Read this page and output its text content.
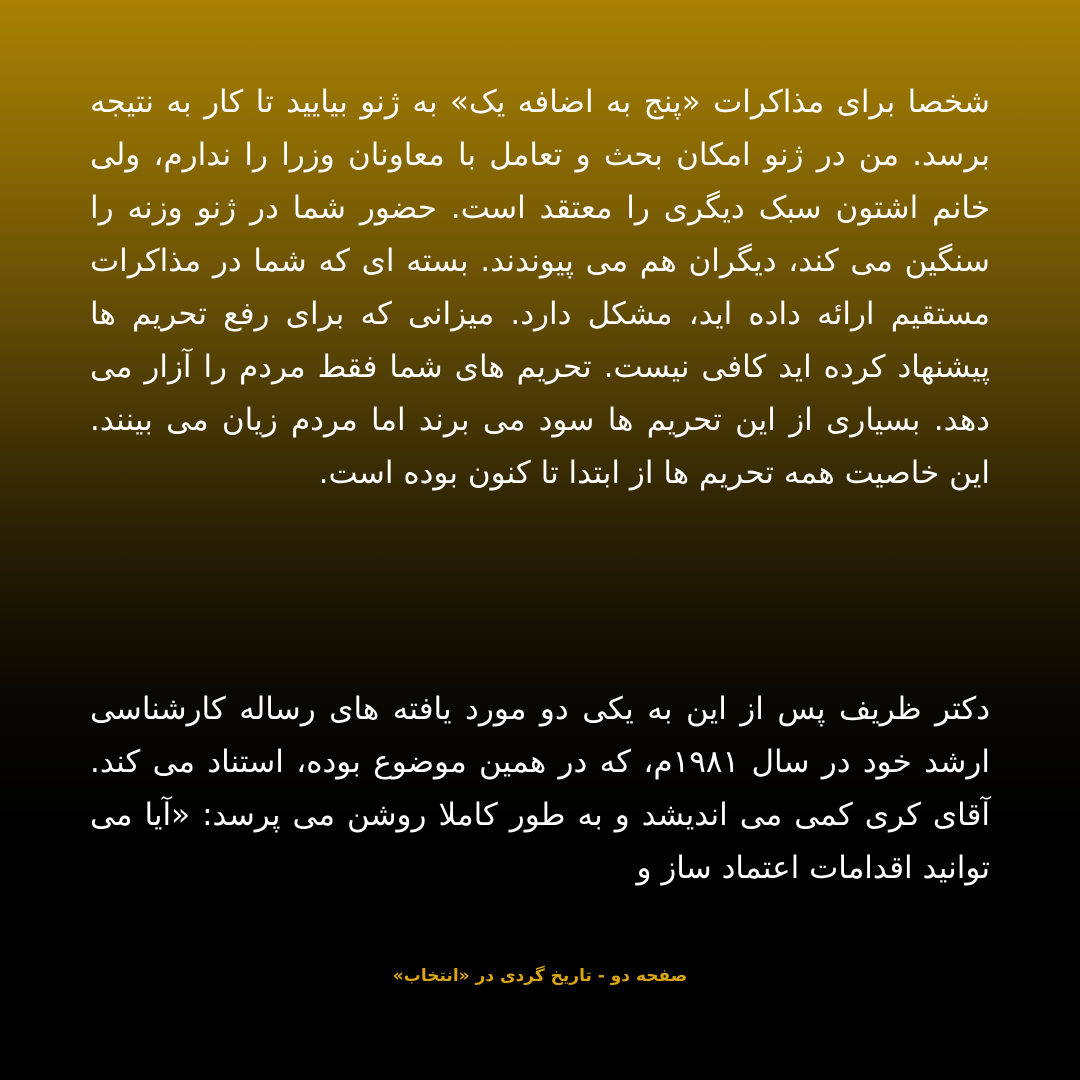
شخصا برای مذاکرات «پنج به اضافه یک» به ژنو بیایید تا کار به نتیجه برسد. من در ژنو امکان بحث و تعامل با معاونان وزرا را ندارم، ولی خانم اشتون سبک دیگری را معتقد است. حضور شما در ژنو وزنه را سنگین می کند، دیگران هم می پیوندند. بسته ای که شما در مذاکرات مستقیم ارائه داده اید، مشکل دارد. میزانی که برای رفع تحریم ها پیشنهاد کرده اید کافی نیست. تحریم های شما فقط مردم را آزار می دهد. بسیاری از این تحریم ها سود می برند اما مردم زیان می بینند. این خاصیت همه تحریم ها از ابتدا تا کنون بوده است.

دکتر ظریف پس از این به یکی دو مورد یافته های رساله کارشناسی ارشد خود در سال ۱۹۸۱م، که در همین موضوع بوده، استناد می کند. آقای کری کمی می اندیشد و به طور کاملا روشن می پرسد: «آیا می توانید اقدامات اعتماد ساز و

صفحه دو - تاریخ گردی در «انتخاب»
